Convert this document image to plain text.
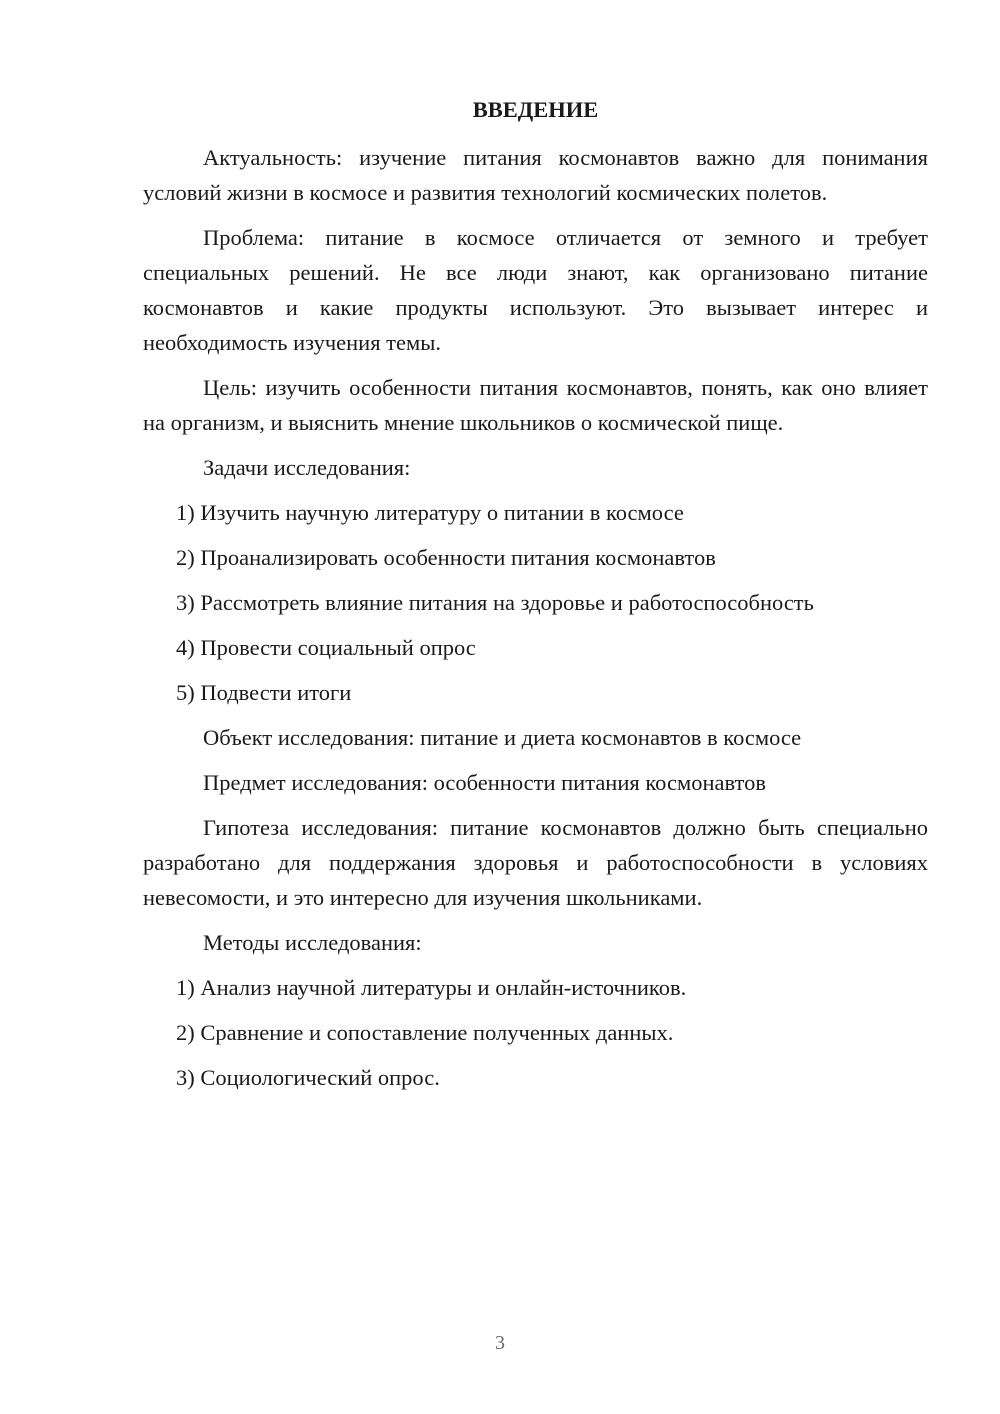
ВВЕДЕНИЕ

Актуальность: изучение питания космонавтов важно для понимания условий жизни в космосе и развития технологий космических полетов.

Проблема: питание в космосе отличается от земного и требует специальных решений. Не все люди знают, как организовано питание космонавтов и какие продукты используют. Это вызывает интерес и необходимость изучения темы.

Цель: изучить особенности питания космонавтов, понять, как оно влияет на организм, и выяснить мнение школьников о космической пище.

Задачи исследования:
1) Изучить научную литературу о питании в космосе
2) Проанализировать особенности питания космонавтов
3) Рассмотреть влияние питания на здоровье и работоспособность
4) Провести социальный опрос
5) Подвести итоги
Объект исследования: питание и диета космонавтов в космосе
Предмет исследования: особенности питания космонавтов

Гипотеза исследования: питание космонавтов должно быть специально разработано для поддержания здоровья и работоспособности в условиях невесомости, и это интересно для изучения школьниками.

Методы исследования:
1) Анализ научной литературы и онлайн-источников.
2) Сравнение и сопоставление полученных данных.
3) Социологический опрос.
3
